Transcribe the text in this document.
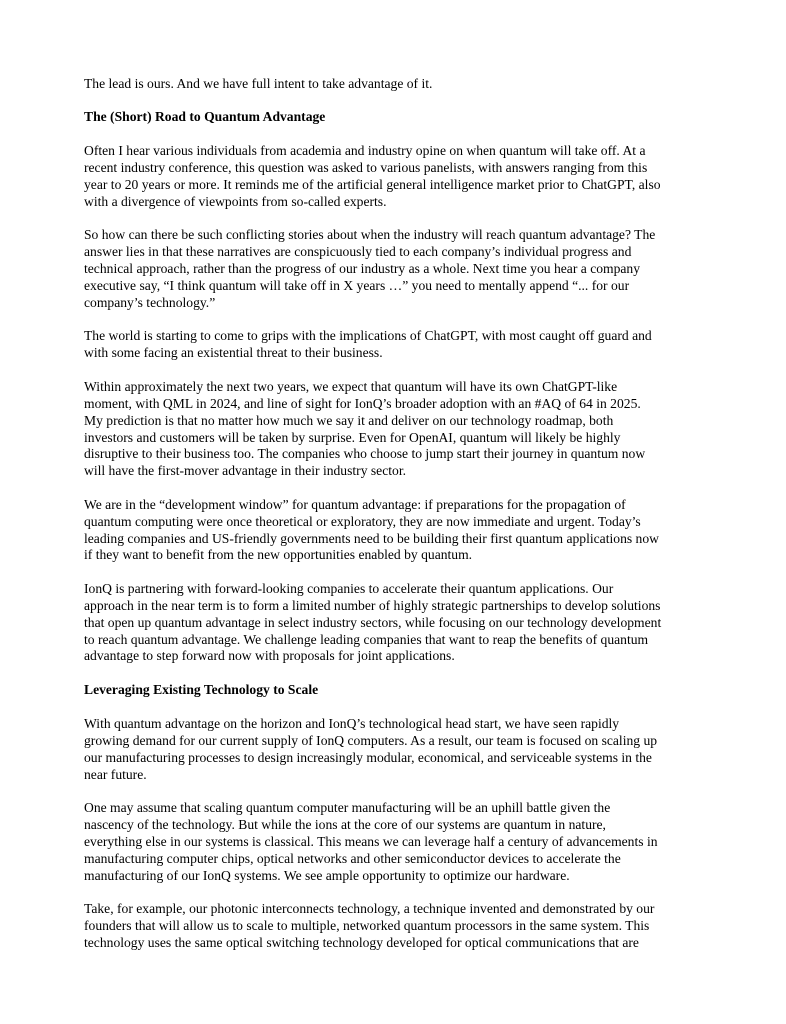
The lead is ours. And we have full intent to take advantage of it.
The (Short) Road to Quantum Advantage
Often I hear various individuals from academia and industry opine on when quantum will take off. At a
recent industry conference, this question was asked to various panelists, with answers ranging from this
year to 20 years or more. It reminds me of the artificial general intelligence market prior to ChatGPT, also
with a divergence of viewpoints from so-called experts.
So how can there be such conflicting stories about when the industry will reach quantum advantage? The
answer lies in that these narratives are conspicuously tied to each company’s individual progress and
technical approach, rather than the progress of our industry as a whole. Next time you hear a company
executive say, “I think quantum will take off in X years …” you need to mentally append “... for our
company’s technology.”
The world is starting to come to grips with the implications of ChatGPT, with most caught off guard and
with some facing an existential threat to their business.
Within approximately the next two years, we expect that quantum will have its own ChatGPT-like
moment, with QML in 2024, and line of sight for IonQ’s broader adoption with an #AQ of 64 in 2025.
My prediction is that no matter how much we say it and deliver on our technology roadmap, both
investors and customers will be taken by surprise. Even for OpenAI, quantum will likely be highly
disruptive to their business too. The companies who choose to jump start their journey in quantum now
will have the first-mover advantage in their industry sector.
We are in the “development window” for quantum advantage: if preparations for the propagation of
quantum computing were once theoretical or exploratory, they are now immediate and urgent. Today’s
leading companies and US-friendly governments need to be building their first quantum applications now
if they want to benefit from the new opportunities enabled by quantum.
IonQ is partnering with forward-looking companies to accelerate their quantum applications. Our
approach in the near term is to form a limited number of highly strategic partnerships to develop solutions
that open up quantum advantage in select industry sectors, while focusing on our technology development
to reach quantum advantage. We challenge leading companies that want to reap the benefits of quantum
advantage to step forward now with proposals for joint applications.
Leveraging Existing Technology to Scale
With quantum advantage on the horizon and IonQ’s technological head start, we have seen rapidly
growing demand for our current supply of IonQ computers. As a result, our team is focused on scaling up
our manufacturing processes to design increasingly modular, economical, and serviceable systems in the
near future.
One may assume that scaling quantum computer manufacturing will be an uphill battle given the
nascency of the technology. But while the ions at the core of our systems are quantum in nature,
everything else in our systems is classical. This means we can leverage half a century of advancements in
manufacturing computer chips, optical networks and other semiconductor devices to accelerate the
manufacturing of our IonQ systems. We see ample opportunity to optimize our hardware.
Take, for example, our photonic interconnects technology, a technique invented and demonstrated by our
founders that will allow us to scale to multiple, networked quantum processors in the same system. This
technology uses the same optical switching technology developed for optical communications that are
